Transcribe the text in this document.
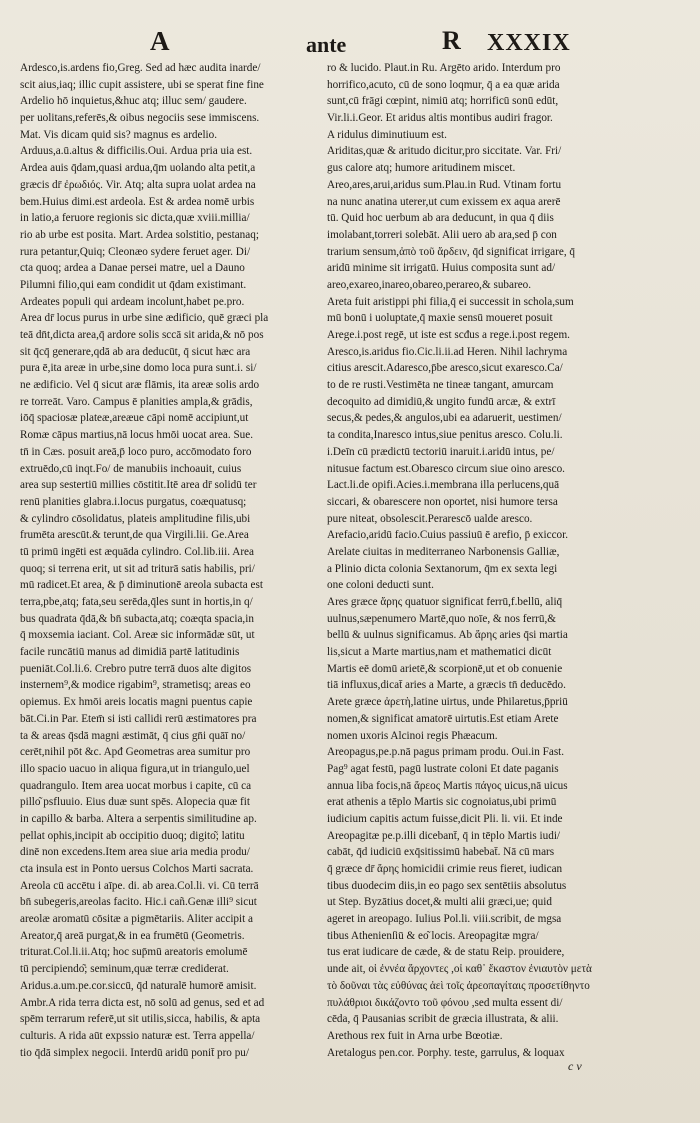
A	ante	R XXXIX
Ardesco,is.ardens fio,Greg. Sed ad hæc audita inarde/
scit aius,iaq; illic cupit assistere, ubi se sperat fine fine
Ardelio hō inquietus,&huc atq; illuc sem/ gaudere.
per uolitans,referēs,& oibus negociis sese immiscens.
Mat. Vis dicam quid sis? magnus es ardelio.
Arduus,a.ū.altus & difficilis.Oui. Ardua pria uia est.
Ardea auis q̄dam,quasi ardua,q̄m uolando alta petit,a
græcis dr̄ ἐρωδιός. Vir. Atq; alta supra uolat ardea na
bem.Huius dimi.est ardeola. Est & ardea nomē urbis
in latio,a feruore regionis sic dicta,quæ xviii.millia/
rio ab urbe est posita. Mart. Ardea solstitio, pestanaq;
rura petantur,Quiq; Cleonæo sydere feruet ager. Di/
cta quoq; ardea a Danae persei matre, uel a Dauno
Pilumni filio,qui eam condidit ut q̄dam existimant.
Ardeates populi qui ardeam incolunt,habet pe.pro.
Area dr̄ locus purus in urbe sine ædificio, quē græci pla
teā dn̄t,dicta area,q̄ ardore solis sccā sit arida,& nō pos
sit q̄cq̄ generare,qdā ab ara deducūt, q̄ sicut hæc ara
pura ē,ita areæ in urbe,sine domo loca pura sunt.i. si/
ne ædificio. Vel q̄ sicut aræ flāmis, ita areæ solis ardo
re torreāt. Varo. Campus ē planities ampla,& grādis,
iōq̄ spaciosæ plateæ,areæue cāpi nomē accipiunt,ut
Romæ cāpus martius,nā locus hmōi uocat area. Sue.
tn̄ in Cæs. posuit areā,p̄ loco puro, accōmodato foro
extruēdo,cū inqt.Fo/ de manubiis inchoauit, cuius
area sup sestertiū millies cōstitit.Itē area dr̄ solidū ter
renū planities glabra.i.locus purgatus, coæquatusq;
& cylindro cōsolidatus, plateis amplitudine filis,ubi
frumēta arescūt.& terunt,de qua Virgili.lii. Ge.Area
tū primū ingēti est æquāda cylindro. Col.lib.iii. Area
quoq; si terrena erit, ut sit ad triturā satis habilis, pri/
mū radicet.Et area, & p̄ diminutionē areola subacta est
terra,pbe,atq; fata,seu serēda,q̄les sunt in hortis,in q/
bus quadrata q̄dā,& bn̄ subacta,atq; coæqta spacia,in
q̄ moxsemia iaciant. Col. Areæ sic informādæ sūt, ut
facile runcātiū manus ad dimidiā partē latitudinis
pueniāt.Col.li.6. Crebro putre terrā duos alte digitos
insternem⁹,& modice rigabim⁹, strametisq; areas eo
opiemus. Ex hmōi areis locatis magni puentus capie
bāt.Ci.in Par. Etem̄ si isti callidi rerū æstimatores pra
ta & areas q̄sdā magni æstimāt, q̄ cius gn̄i quāī no/
cerēt,nihil pōt &c. Apđ Geometras area sumitur pro
illo spacio uacuo in aliqua figura,ut in triangulo,uel
quadrangulo. Item area uocat morbus i capite, cū ca
pillo͂ psfluuio. Eius duæ sunt spēs. Alopecia quæ fit
in capillo & barba. Altera a serpentis similitudine ap.
pellat ophis,incipit ab occipitio duoq; digito͂; latitu
dinē non excedens.Item area siue aria media produ/
cta insula est in Ponto uersus Colchos Marti sacrata.
Areola cū accētu i aīpe. di. ab area.Col.li. vi. Cū terrā
bn̄ subegeris,areolas facito. Hic.i cañ.Genæ illi⁹ sicut
areolæ aromatū cōsitæ a pigmētariis. Aliter accipit a
Areator,q̄ areā purgat,& in ea frumētū (Geometris.
triturat.Col.li.ii.Atq; hoc sup̄mū areatoris emolumē
tū percipiendo͂; seminum,quæ terræ crediderat.
Aridus.a.um.pe.cor.siccū, q̄d naturalē humorē amisit.
Ambr.A rida terra dicta est, nō solū ad genus, sed et ad
spēm terrarum referē,ut sit utilis,sicca, habilis, & apta
culturis. A rida aūt expssio naturæ est. Terra appella/
tio q̄dā simplex negocii. Interdū aridū ponit̄ pro pu/
ro & lucido. Plaut.in Ru. Argēto arido. Interdum pro
horrifico,acuto, cū de sono loqmur, q̄ a ea quæ arida
sunt,cū frāgi cœpint, nimiū atq; horrificū sonū edūt,
Vir.li.i.Geor. Et aridus altis montibus audiri fragor.
A ridulus diminutiuum est.
Ariditas,quæ & aritudo dicitur,pro siccitate. Var. Fri/
gus calore atq; humore aritudinem miscet.
Areo,ares,arui,aridus sum.Plau.in Rud. Vtinam fortu
na nunc anatina uterer,ut cum exissem ex aqua arerē
tū. Quid hoc uerbum ab ara deducunt, in qua q̄ diis
imolabant,torreri solebāt. Alii uero ab ara,sed p̄ con
trarium sensum,ἀπὸ τοῦ ἄρδειν, q̄d significat irrigare, q̄
aridū minime sit irrigatū. Huius composita sunt ad/
areo,exareo,inareo,obareo,perareo,& subareo.
Areta fuit aristippi phi filia,q̄ ei successit in schola,sum
mū bonū i uoluptate,q̄ maxie sensū moueret posuit
Arege.i.post regē, ut iste est scđus a rege.i.post regem.
Aresco,is.aridus fio.Cic.li.ii.ad Heren. Nihil lachryma
citius arescit.Adaresco,p̄be aresco,sicut exaresco.Ca/
to de re rusti.Vestimēta ne tineæ tangant, amurcam
decoquito ad dimidiū,& ungito fundū arcæ, & extrī
secus,& pedes,& angulos,ubi ea adaruerit, uestimen/
ta condita,Inaresco intus,siue penitus aresco. Colu.li.
i.Deīn cū prædictū tectoriū inaruit.i.aridū intus, pe/
nitusue factum est.Obaresco circum siue oino aresco.
Lact.li.de opifi.Acies.i.membrana illa perlucens,quā
siccari, & obarescere non oportet, nisi humore tersa
pure niteat, obsolescit.Perarescō ualde aresco.
Arefacio,aridū facio.Cuius passiuū ē arefio, p̄ exiccor.
Arelate ciuitas in mediterraneo Narbonensis Galliæ,
a Plinio dicta colonia Sextanorum, q̄m ex sexta legi
one coloni deducti sunt.
Ares græce ἄρης quatuor significat ferrū,f.bellū, aliq̄
uulnus,sæpenumero Martē,quo noīe, & nos ferrū,&
bellū & uulnus significamus. Ab ἄρης aries q̄si martia
lis,sicut a Marte martius,nam et mathematici dicūt
Martis eē domū arietē,& scorpionē,ut et ob conuenie
tiā influxus,dicat̄ aries a Marte, a græcis tn̄ deducēdo.
Arete græce ἀρετὴ,latine uirtus, unde Philaretus,p̄priū
nomen,& significat amatorē uirtutis.Est etiam Arete
nomen uxoris Alcinoi regis Phæacum.
Areopagus,pe.p.nā pagus primam produ. Oui.in Fast.
Pag⁹ agat festū, pagū lustrate coloni Et date paganis
annua liba focis,nā ἄρεος Martis πάγος uicus,nā uicus
erat athenis a tēplo Martis sic cognoiatus,ubi primū
iudicium capitis actum fuisse,dicit Pli. li. vii. Et inde
Areopagitæ pe.p.illi dicebant̄, q̄ in tēplo Martis iudi/
cabāt, q̄d iudiciū exq̄sitissimū habebat̄. Nā cū mars
q̄ græce dr̄ ἄρης homicidii crimie reus fieret, iudican
tibus duodecim diis,in eo pago sex sentētiis absolutus
ut Step. Byzātius docet,& multi alii græci,ue; quid
ageret in areopago. Iulius Pol.li. viii.scribit, de mgsa
tibus Athenienſiū & eo͂ locis. Areopagitæ mgra/
tus erat iudicare de cæde, & de statu Reip. prouidere,
unde ait, οἱ ἐννέα ἄρχοντες ,οἱ καθ᾽ ἕκαστον ἐνιαυτὸν μετὰ
τὸ δοῦναι τὰς εὐθύνας ἀεὶ τοῖς ἀρεοπαγίταις προσετίθηντο
πυλάθριοι δικάζοντο τοῦ φόνου ,sed multa essent di/
cēda, q̄ Pausanias scribit de græcia illustrata, & alii.
Arethous rex fuit in Arna urbe Bœotiæ.
Aretalogus pen.cor. Porphy. teste, garrulus, & loquax
c v
